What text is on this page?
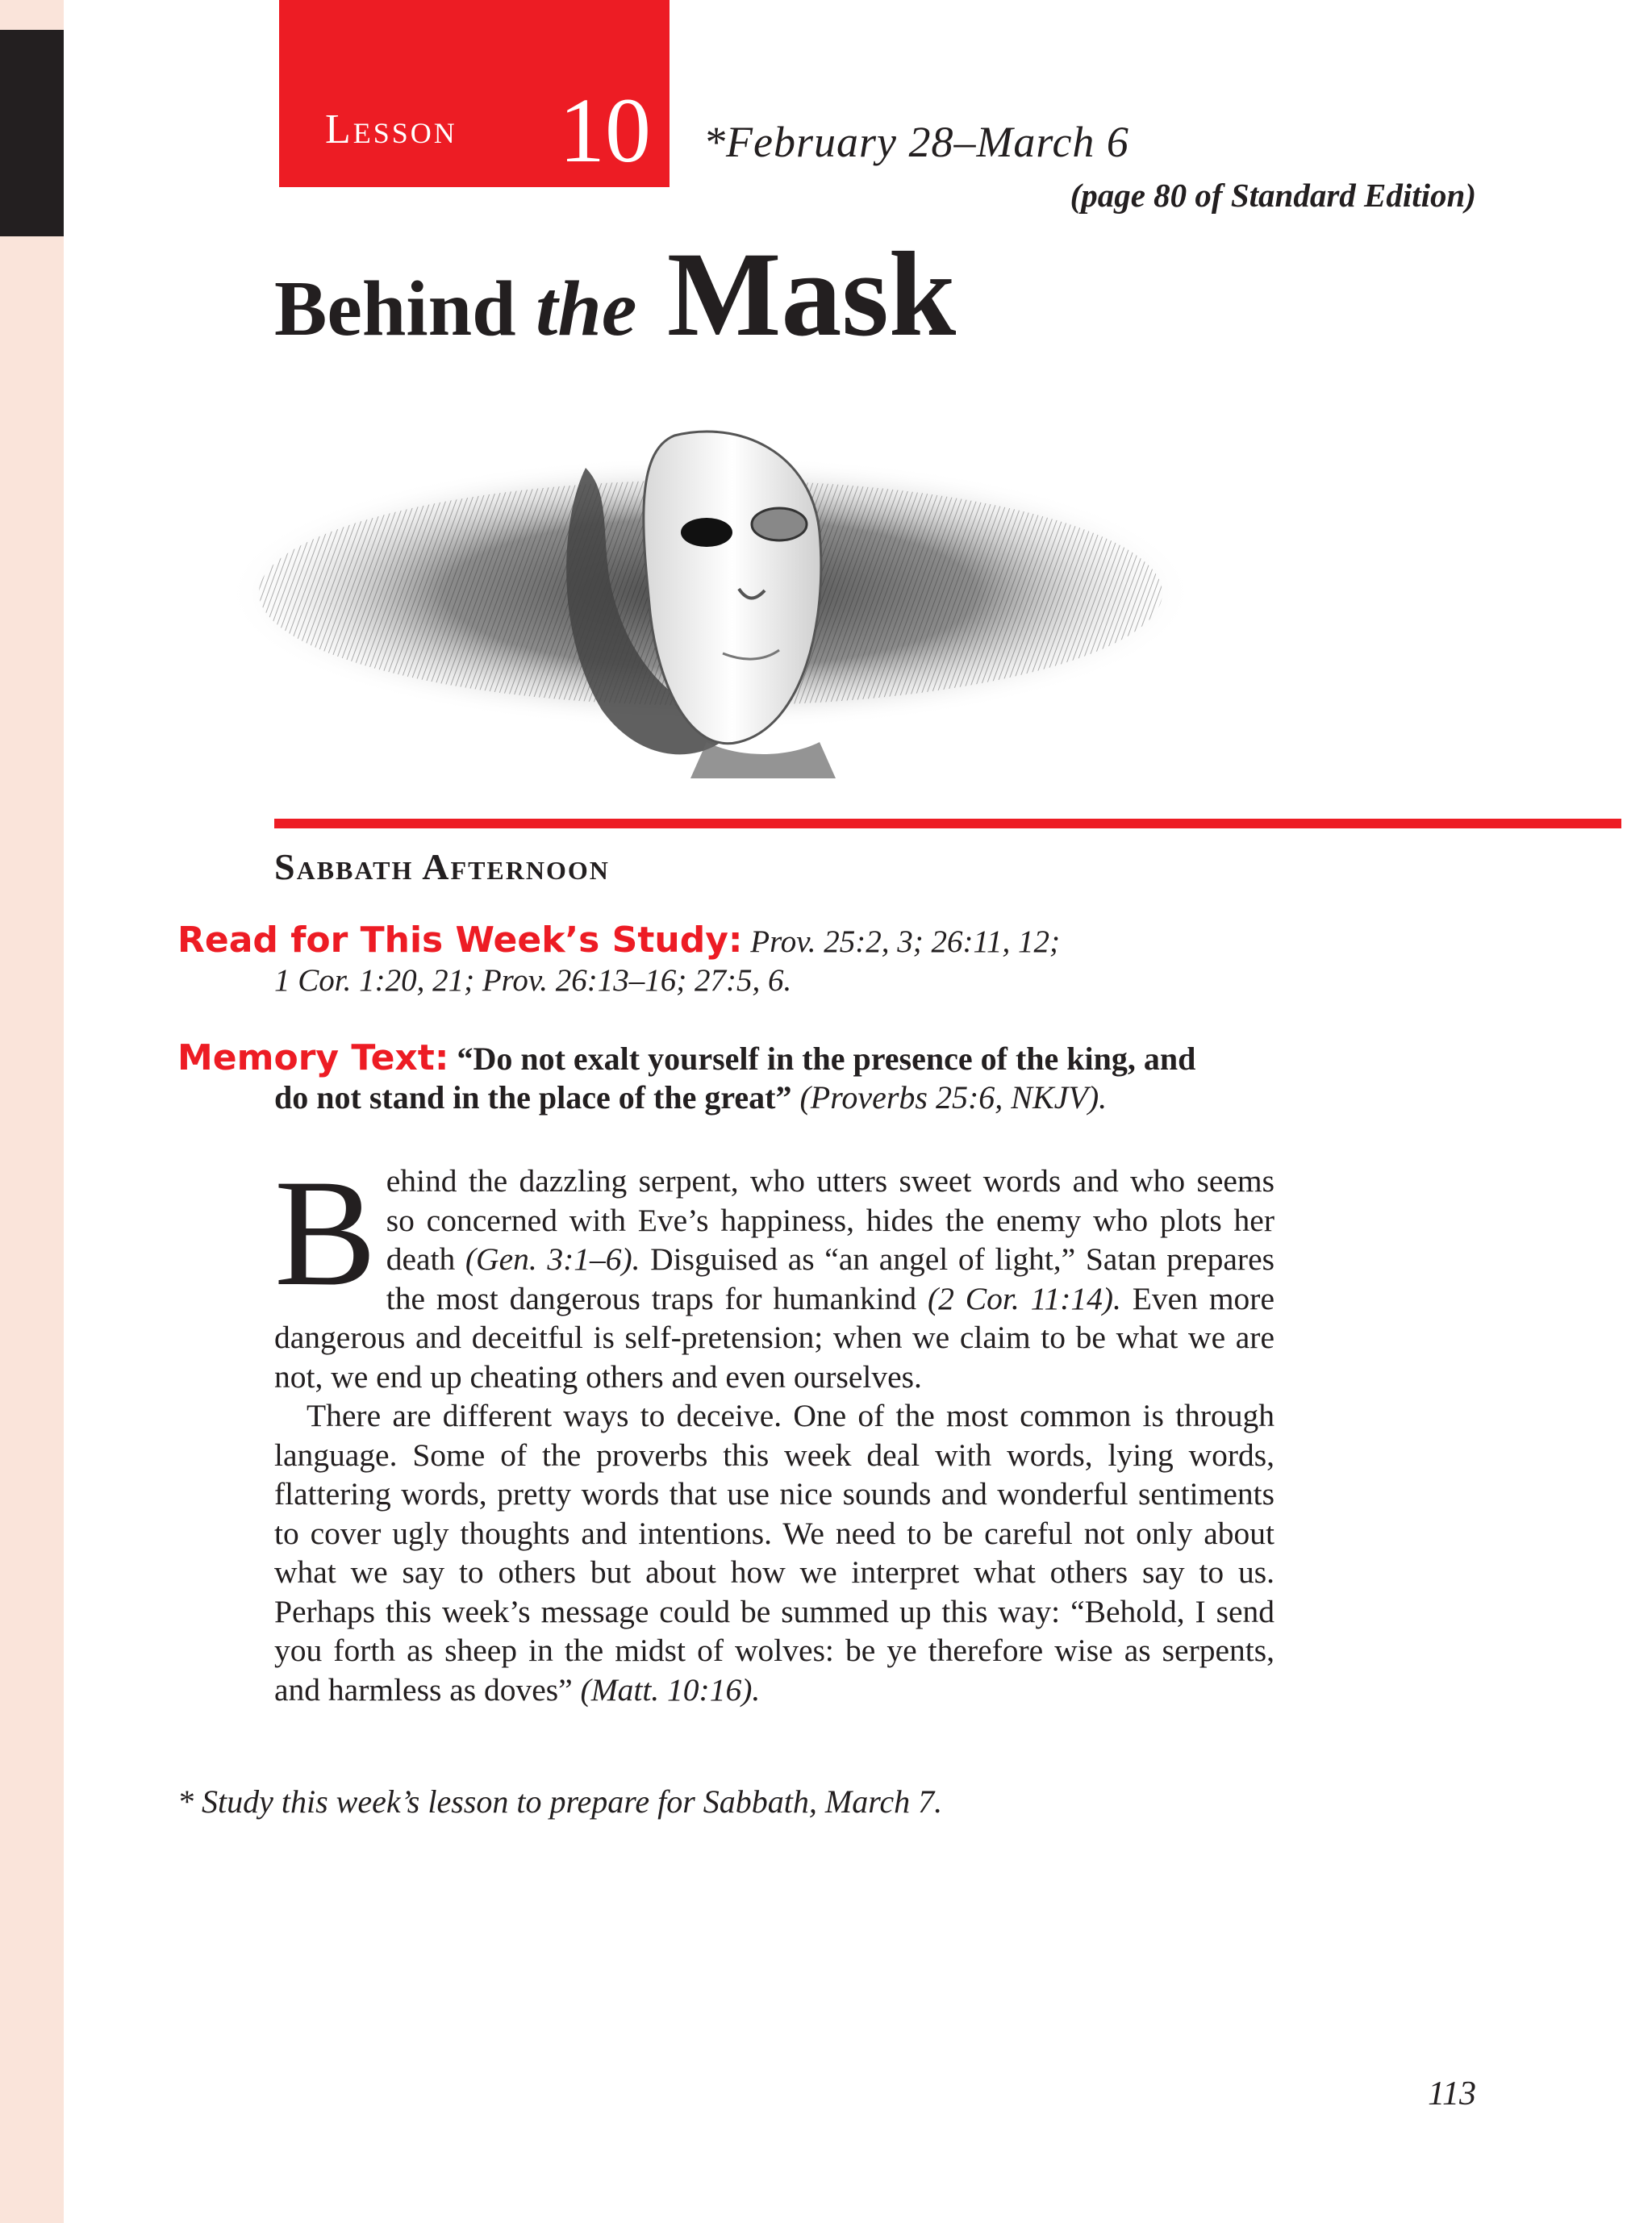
Lesson 10 *February 28–March 6
(page 80 of Standard Edition)
Behind the Mask
Sabbath Afternoon
Read for This Week’s Study: Prov. 25:2, 3; 26:11, 12;
1 Cor. 1:20, 21; Prov. 26:13–16; 27:5, 6.
Memory Text: “Do not exalt yourself in the presence of the king, and
do not stand in the place of the great” (Proverbs 25:6, NKJV).

Behind the dazzling serpent, who utters sweet words and who seems so concerned with Eve’s happiness, hides the enemy who plots her death (Gen. 3:1–6). Disguised as “an angel of light,” Satan prepares the most dangerous traps for humankind (2 Cor. 11:14). Even more dangerous and deceitful is self-pretension; when we claim to be what we are not, we end up cheating others and even ourselves.

There are different ways to deceive. One of the most common is through language. Some of the proverbs this week deal with words, lying words, flattering words, pretty words that use nice sounds and wonderful sentiments to cover ugly thoughts and intentions. We need to be careful not only about what we say to others but about how we interpret what others say to us. Perhaps this week’s message could be summed up this way: “Behold, I send you forth as sheep in the midst of wolves: be ye therefore wise as serpents, and harmless as doves” (Matt. 10:16).

* Study this week’s lesson to prepare for Sabbath, March 7.
113
